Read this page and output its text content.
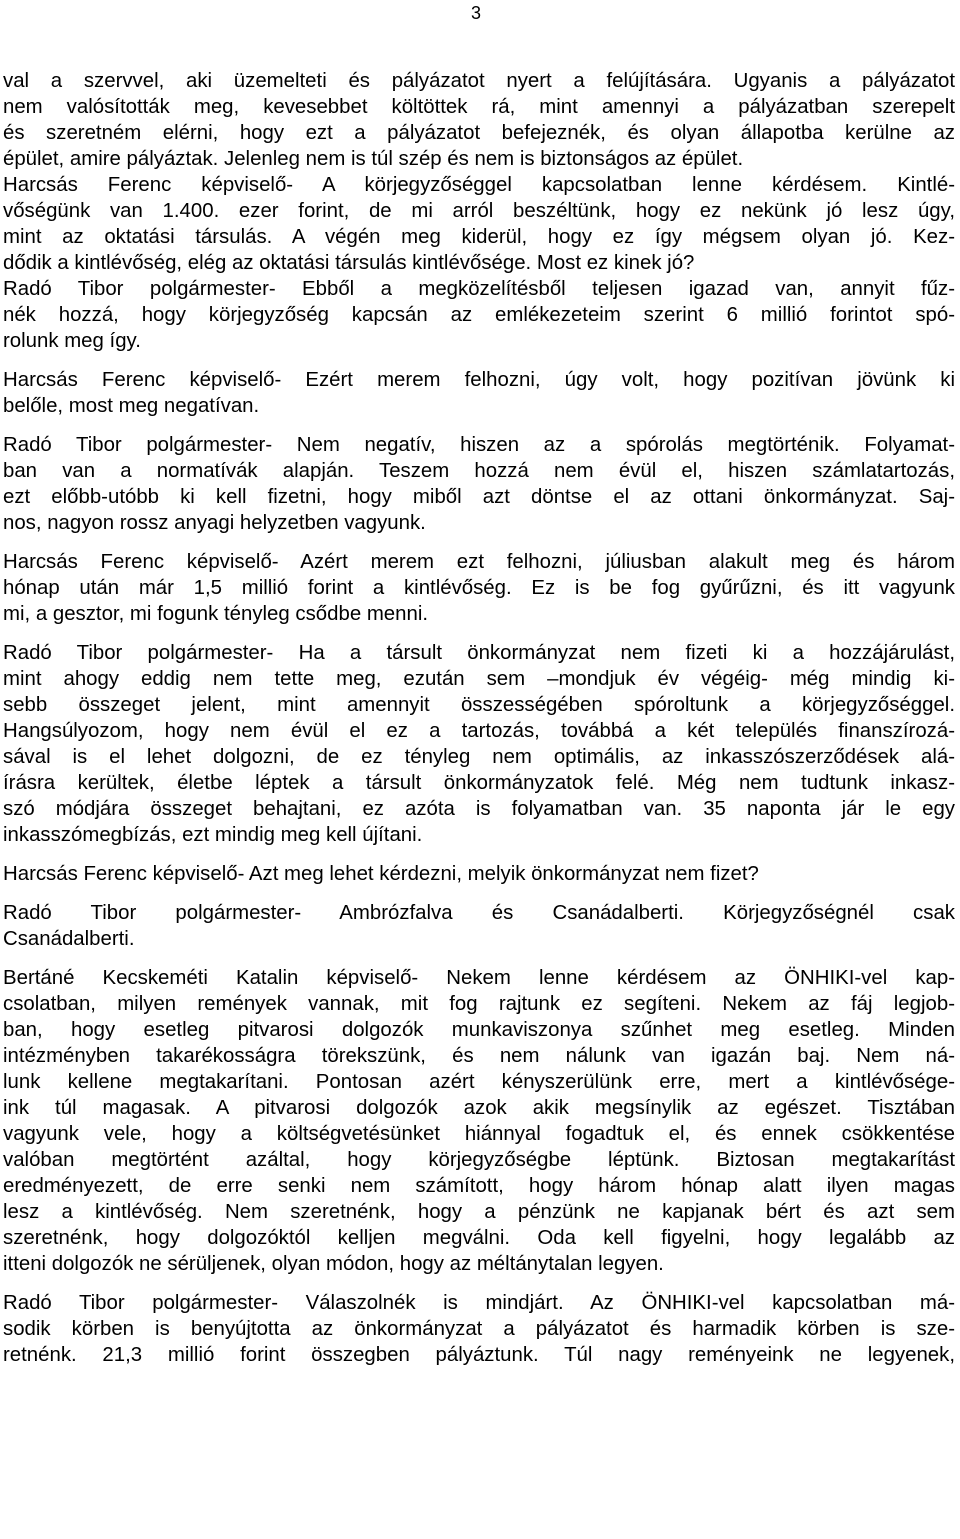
3
val a szervvel, aki üzemelteti és pályázatot nyert a felújítására. Ugyanis a pályázatot
nem valósították meg, kevesebbet költöttek rá, mint amennyi a pályázatban szerepelt
és szeretném elérni, hogy ezt a pályázatot befejeznék, és olyan állapotba kerülne az
épület, amire pályáztak. Jelenleg nem is túl szép és nem is biztonságos az épület.
Harcsás Ferenc képviselő- A körjegyzőséggel kapcsolatban lenne kérdésem. Kintlé-
vőségünk van 1.400. ezer forint, de mi arról beszéltünk, hogy ez nekünk jó lesz úgy,
mint az oktatási társulás. A végén meg kiderül, hogy ez így mégsem olyan jó. Kez-
dődik a kintlévőség, elég az oktatási társulás kintlévősége. Most ez kinek jó?
Radó Tibor polgármester- Ebből a megközelítésből teljesen igazad van, annyit fűz-
nék hozzá, hogy körjegyzőség kapcsán az emlékezeteim szerint 6 millió forintot spó-
rolunk meg így.
Harcsás Ferenc képviselő- Ezért merem felhozni, úgy volt, hogy pozitívan jövünk ki
belőle, most meg negatívan.
Radó Tibor polgármester- Nem negatív, hiszen az a spórolás megtörténik. Folyamat-
ban van a normatívák alapján. Teszem hozzá nem évül el, hiszen számlatartozás,
ezt előbb-utóbb ki kell fizetni, hogy miből azt döntse el az ottani önkormányzat. Saj-
nos, nagyon rossz anyagi helyzetben vagyunk.
Harcsás Ferenc képviselő- Azért merem ezt felhozni, júliusban alakult meg és három
hónap után már 1,5 millió forint a kintlévőség. Ez is be fog gyűrűzni, és itt vagyunk
mi, a gesztor, mi fogunk tényleg csődbe menni.
Radó Tibor polgármester- Ha a társult önkormányzat nem fizeti ki a hozzájárulást,
mint ahogy eddig nem tette meg, ezután sem –mondjuk év végéig- még mindig ki-
sebb összeget jelent, mint amennyit összességében spóroltunk a körjegyzőséggel.
Hangsúlyozom, hogy nem évül el ez a tartozás, továbbá a két település finanszírozá-
sával is el lehet dolgozni, de ez tényleg nem optimális, az inkasszószerződések alá-
írásra kerültek, életbe léptek a társult önkormányzatok felé. Még nem tudtunk inkasz-
szó módjára összeget behajtani, ez azóta is folyamatban van. 35 naponta jár le egy
inkasszómegbízás, ezt mindig meg kell újítani.
Harcsás Ferenc képviselő- Azt meg lehet kérdezni, melyik önkormányzat nem fizet?
Radó Tibor polgármester- Ambrózfalva és Csanádalberti. Körjegyzőségnél csak
Csanádalberti.
Bertáné Kecskeméti Katalin képviselő- Nekem lenne kérdésem az ÖNHIKI-vel kap-
csolatban, milyen remények vannak, mit fog rajtunk ez segíteni. Nekem az fáj legjob-
ban, hogy esetleg pitvarosi dolgozók munkaviszonya szűnhet meg esetleg. Minden
intézményben takarékosságra törekszünk, és nem nálunk van igazán baj. Nem ná-
lunk kellene megtakarítani. Pontosan azért kényszerülünk erre, mert a kintlévősége-
ink túl magasak. A pitvarosi dolgozók azok akik megsínylik az egészet. Tisztában
vagyunk vele, hogy a költségvetésünket hiánnyal fogadtuk el, és ennek csökkentése
valóban megtörtént azáltal, hogy körjegyzőségbe léptünk. Biztosan megtakarítást
eredményezett, de erre senki nem számított, hogy három hónap alatt ilyen magas
lesz a kintlévőség. Nem szeretnénk, hogy a pénzünk ne kapjanak bért és azt sem
szeretnénk, hogy dolgozóktól kelljen megválni. Oda kell figyelni, hogy legalább az
itteni dolgozók ne sérüljenek, olyan módon, hogy az méltánytalan legyen.
Radó Tibor polgármester- Válaszolnék is mindjárt. Az ÖNHIKI-vel kapcsolatban má-
sodik körben is benyújtotta az önkormányzat a pályázatot és harmadik körben is sze-
retnénk. 21,3 millió forint összegben pályáztunk. Túl nagy reményeink ne legyenek,
